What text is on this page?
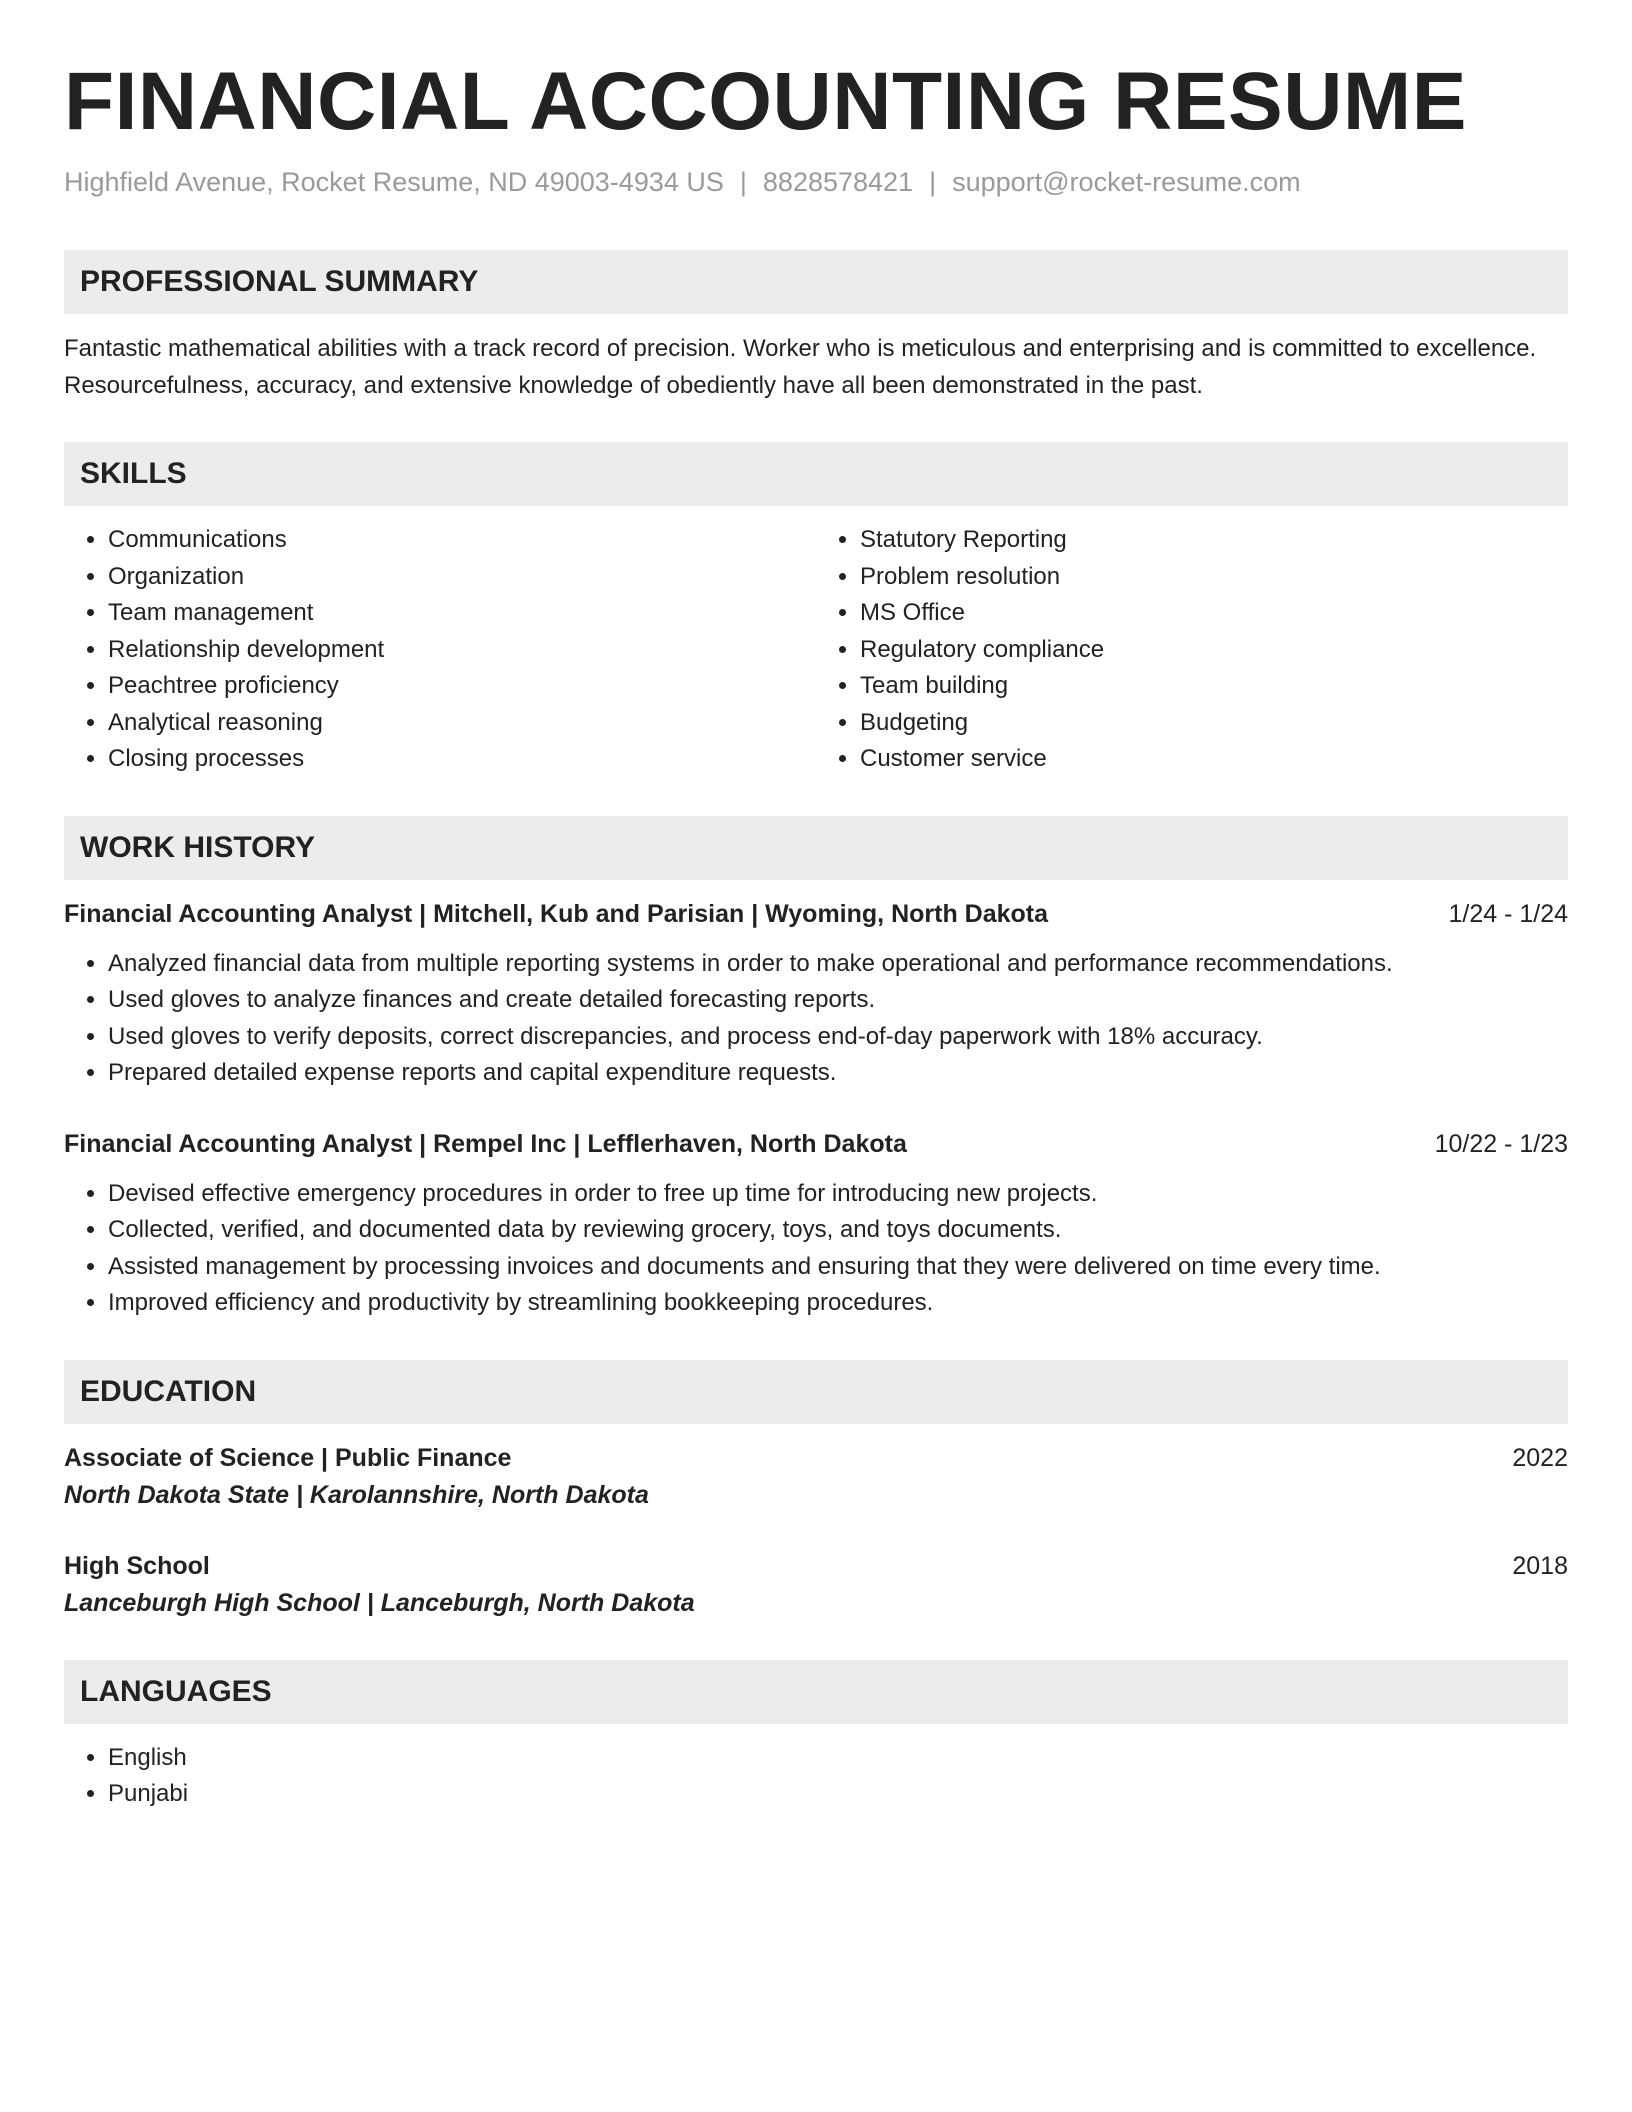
FINANCIAL ACCOUNTING RESUME
Highfield Avenue, Rocket Resume, ND 49003-4934 US | 8828578421 | support@rocket-resume.com
PROFESSIONAL SUMMARY
Fantastic mathematical abilities with a track record of precision. Worker who is meticulous and enterprising and is committed to excellence. Resourcefulness, accuracy, and extensive knowledge of obediently have all been demonstrated in the past.
SKILLS
• Communications
• Organization
• Team management
• Relationship development
• Peachtree proficiency
• Analytical reasoning
• Closing processes
• Statutory Reporting
• Problem resolution
• MS Office
• Regulatory compliance
• Team building
• Budgeting
• Customer service
WORK HISTORY
Financial Accounting Analyst | Mitchell, Kub and Parisian | Wyoming, North Dakota	1/24 - 1/24
• Analyzed financial data from multiple reporting systems in order to make operational and performance recommendations.
• Used gloves to analyze finances and create detailed forecasting reports.
• Used gloves to verify deposits, correct discrepancies, and process end-of-day paperwork with 18% accuracy.
• Prepared detailed expense reports and capital expenditure requests.
Financial Accounting Analyst | Rempel Inc | Lefflerhaven, North Dakota	10/22 - 1/23
• Devised effective emergency procedures in order to free up time for introducing new projects.
• Collected, verified, and documented data by reviewing grocery, toys, and toys documents.
• Assisted management by processing invoices and documents and ensuring that they were delivered on time every time.
• Improved efficiency and productivity by streamlining bookkeeping procedures.
EDUCATION
Associate of Science | Public Finance	2022
North Dakota State | Karolannshire, North Dakota
High School	2018
Lanceburgh High School | Lanceburgh, North Dakota
LANGUAGES
• English
• Punjabi
